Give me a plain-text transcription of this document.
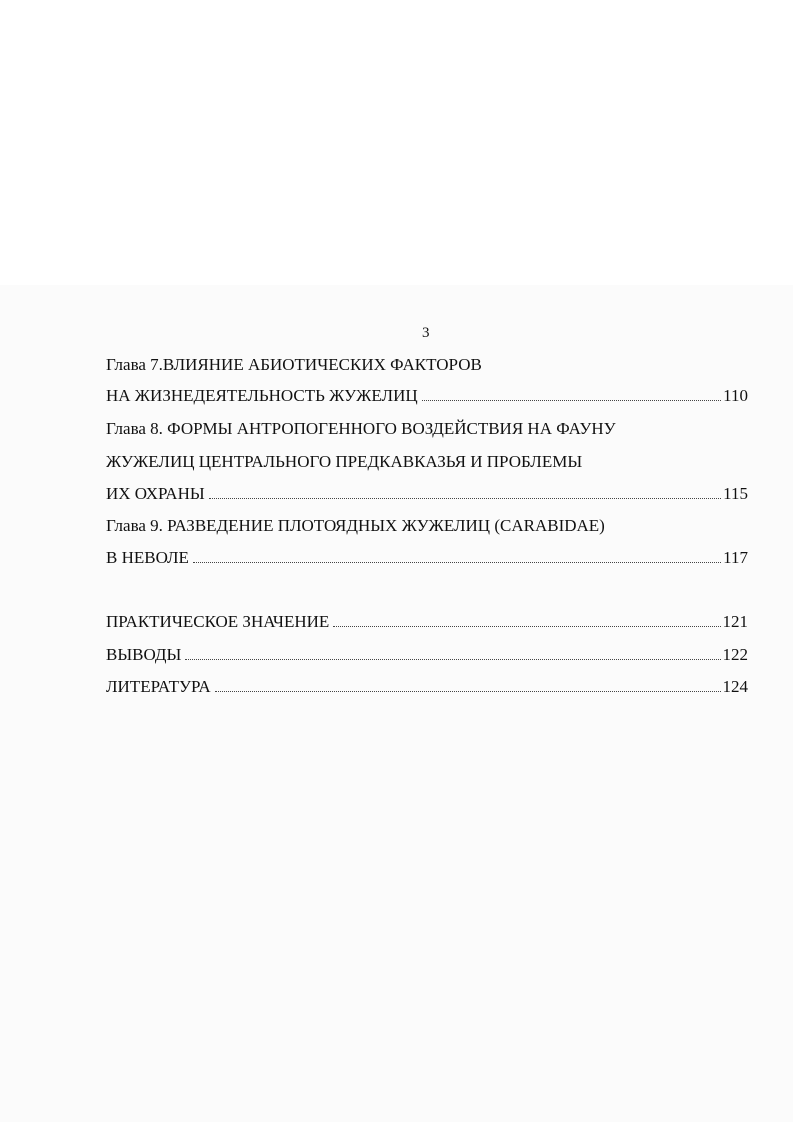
3
Глава 7.ВЛИЯНИЕ АБИОТИЧЕСКИХ ФАКТОРОВ
НА ЖИЗНЕДЕЯТЕЛЬНОСТЬ ЖУЖЕЛИЦ	110
Глава 8. ФОРМЫ АНТРОПОГЕННОГО ВОЗДЕЙСТВИЯ НА ФАУНУ
ЖУЖЕЛИЦ ЦЕНТРАЛЬНОГО ПРЕДКАВКАЗЬЯ И ПРОБЛЕМЫ
ИХ ОХРАНЫ	115
Глава 9. РАЗВЕДЕНИЕ ПЛОТОЯДНЫХ ЖУЖЕЛИЦ (CARABIDAE)
В НЕВОЛЕ	117
ПРАКТИЧЕСКОЕ ЗНАЧЕНИЕ	121
ВЫВОДЫ	122
ЛИТЕРАТУРА	124
